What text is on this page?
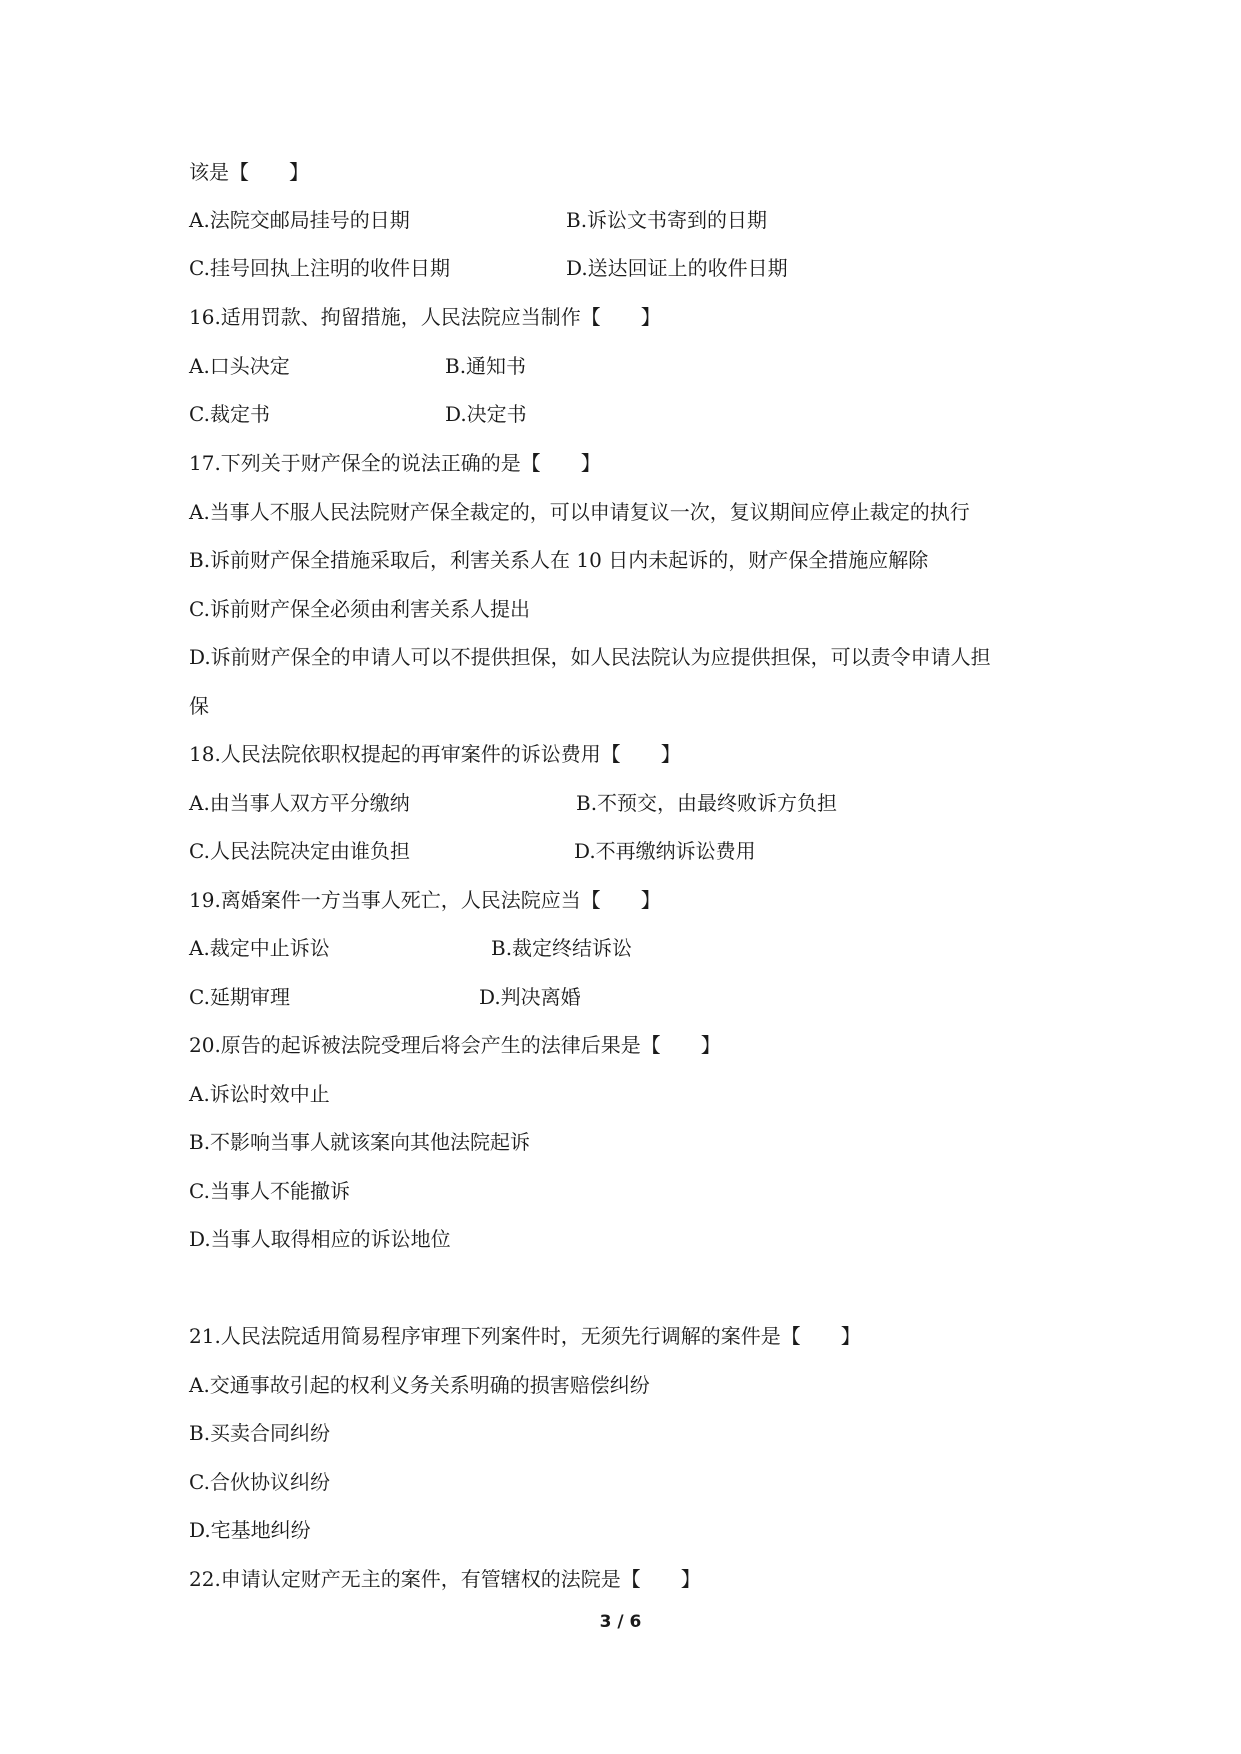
该是【　　】
A.法院交邮局挂号的日期	B.诉讼文书寄到的日期
C.挂号回执上注明的收件日期	D.送达回证上的收件日期
16.适用罚款、拘留措施，人民法院应当制作【　　】
A.口头决定	B.通知书
C.裁定书	D.决定书
17.下列关于财产保全的说法正确的是【　　】
A.当事人不服人民法院财产保全裁定的，可以申请复议一次，复议期间应停止裁定的执行
B.诉前财产保全措施采取后，利害关系人在 10 日内未起诉的，财产保全措施应解除
C.诉前财产保全必须由利害关系人提出
D.诉前财产保全的申请人可以不提供担保，如人民法院认为应提供担保，可以责令申请人担
保
18.人民法院依职权提起的再审案件的诉讼费用【　　】
A.由当事人双方平分缴纳	B.不预交，由最终败诉方负担
C.人民法院决定由谁负担	D.不再缴纳诉讼费用
19.离婚案件一方当事人死亡，人民法院应当【　　】
A.裁定中止诉讼	B.裁定终结诉讼
C.延期审理	D.判决离婚
20.原告的起诉被法院受理后将会产生的法律后果是【　　】
A.诉讼时效中止
B.不影响当事人就该案向其他法院起诉
C.当事人不能撤诉
D.当事人取得相应的诉讼地位
21.人民法院适用简易程序审理下列案件时，无须先行调解的案件是【　　】
A.交通事故引起的权利义务关系明确的损害赔偿纠纷
B.买卖合同纠纷
C.合伙协议纠纷
D.宅基地纠纷
22.申请认定财产无主的案件，有管辖权的法院是【　　】
3 / 6
